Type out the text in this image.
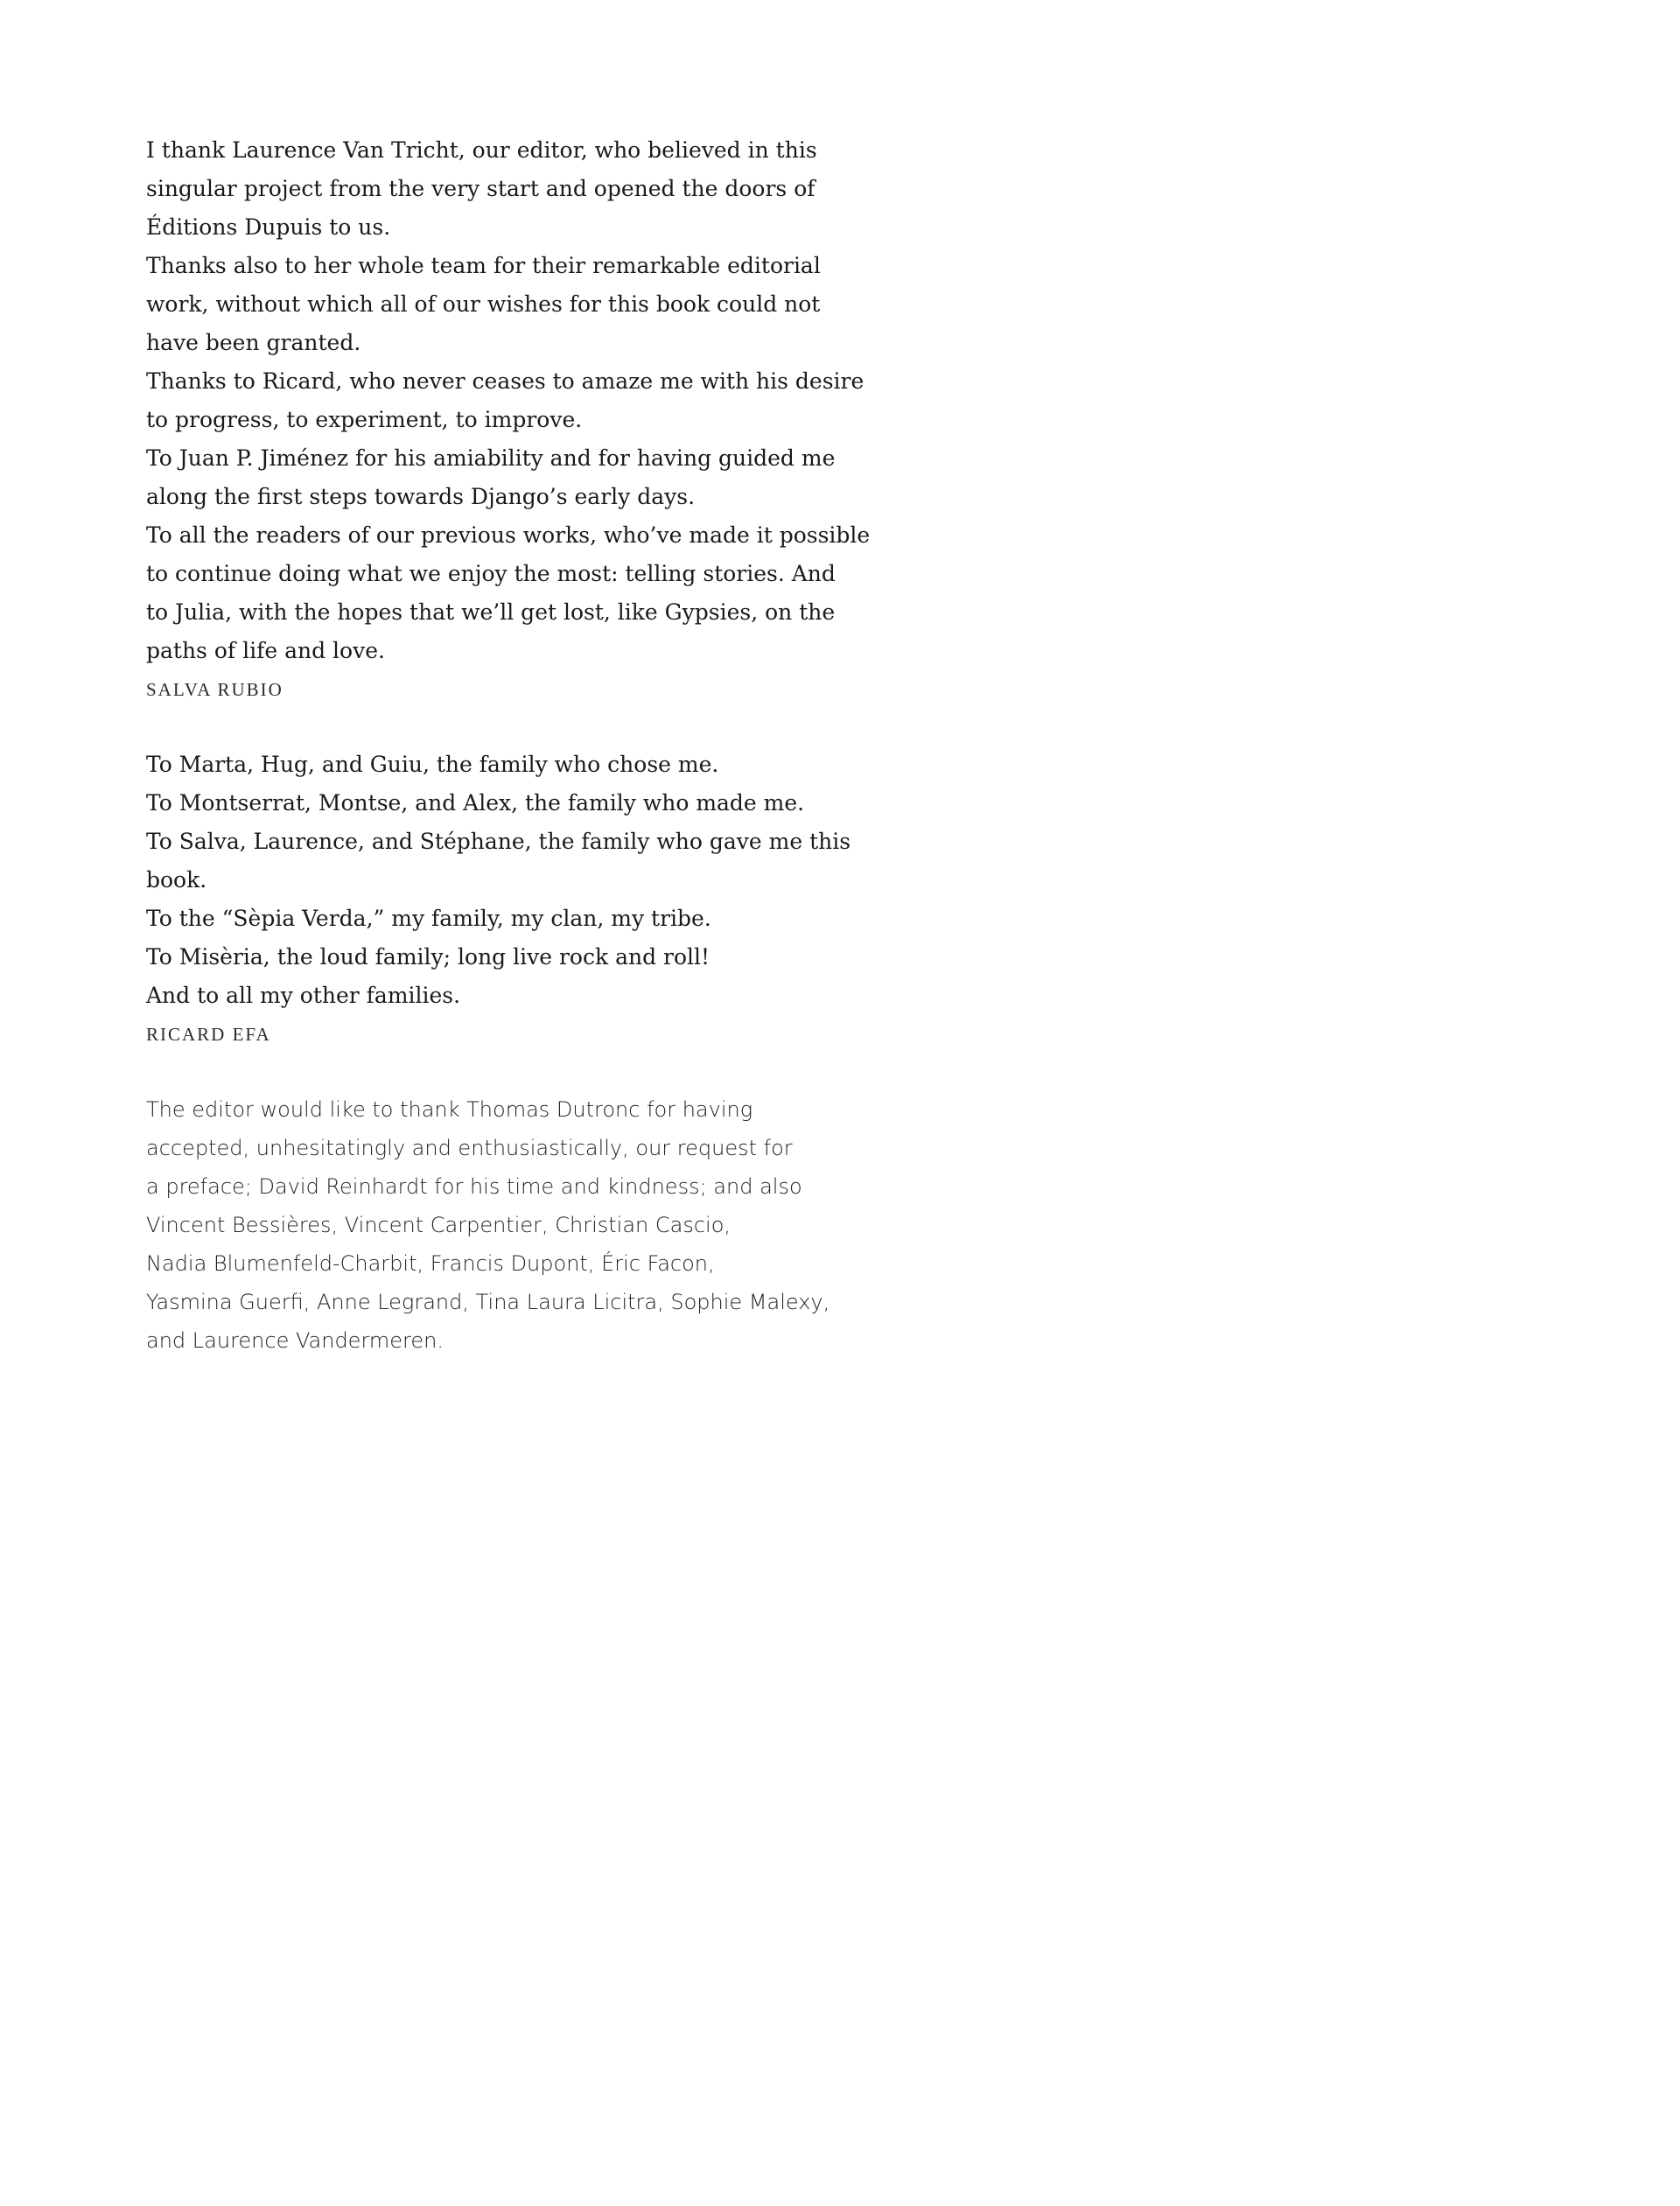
I thank Laurence Van Tricht, our editor, who believed in this
singular project from the very start and opened the doors of
Éditions Dupuis to us.
Thanks also to her whole team for their remarkable editorial
work, without which all of our wishes for this book could not
have been granted.
Thanks to Ricard, who never ceases to amaze me with his desire
to progress, to experiment, to improve.
To Juan P. Jiménez for his amiability and for having guided me
along the first steps towards Django’s early days.
To all the readers of our previous works, who’ve made it possible
to continue doing what we enjoy the most: telling stories. And
to Julia, with the hopes that we’ll get lost, like Gypsies, on the
paths of life and love.
SALVA RUBIO
To Marta, Hug, and Guiu, the family who chose me.
To Montserrat, Montse, and Alex, the family who made me.
To Salva, Laurence, and Stéphane, the family who gave me this
book.
To the “Sèpia Verda,” my family, my clan, my tribe.
To Misèria, the loud family; long live rock and roll!
And to all my other families.
RICARD EFA
The editor would like to thank Thomas Dutronc for having
accepted, unhesitatingly and enthusiastically, our request for
a preface; David Reinhardt for his time and kindness; and also
Vincent Bessières, Vincent Carpentier, Christian Cascio,
Nadia Blumenfeld-Charbit, Francis Dupont, Éric Facon,
Yasmina Guerfi, Anne Legrand, Tina Laura Licitra, Sophie Malexy,
and Laurence Vandermeren.
